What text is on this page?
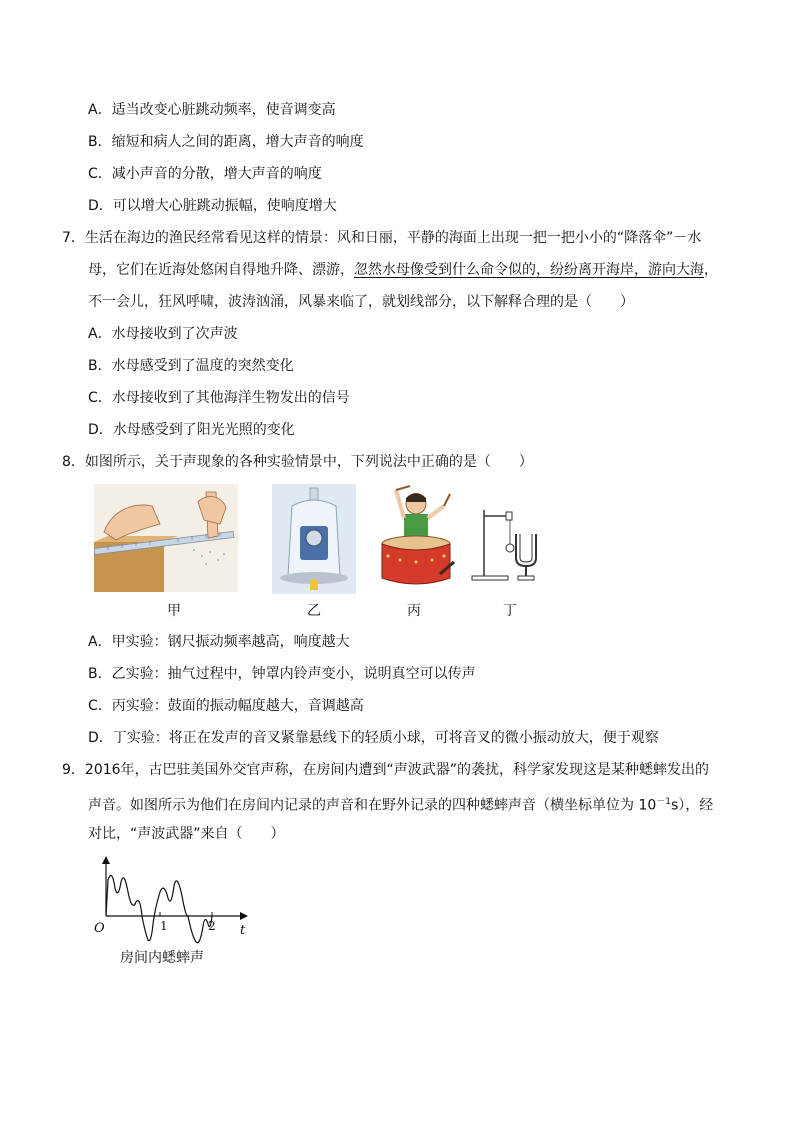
A．适当改变心脏跳动频率，使音调变高
B．缩短和病人之间的距离，增大声音的响度
C．减小声音的分散，增大声音的响度
D．可以增大心脏跳动振幅，使响度增大
7．生活在海边的渔民经常看见这样的情景：风和日丽，平静的海面上出现一把一把小小的“降落伞”－水
母，它们在近海处悠闲自得地升降、漂游，忽然水母像受到什么命令似的，纷纷离开海岸，游向大海，
不一会儿，狂风呼啸，波涛汹涌，风暴来临了，就划线部分，以下解释合理的是（　　）
A．水母接收到了次声波
B．水母感受到了温度的突然变化
C．水母接收到了其他海洋生物发出的信号
D．水母感受到了阳光光照的变化
8．如图所示，关于声现象的各种实验情景中，下列说法中正确的是（　　）
甲	乙	丙	丁
A．甲实验：钢尺振动频率越高，响度越大
B．乙实验：抽气过程中，钟罩内铃声变小，说明真空可以传声
C．丙实验：鼓面的振动幅度越大，音调越高
D．丁实验：将正在发声的音叉紧靠悬线下的轻质小球，可将音叉的微小振动放大，便于观察
9．2016年，古巴驻美国外交官声称，在房间内遭到“声波武器”的袭扰，科学家发现这是某种蟋蟀发出的
声音。如图所示为他们在房间内记录的声音和在野外记录的四种蟋蟀声音（横坐标单位为 $10^{-1}s$），经
对比，“声波武器”来自（　　）
O	t
1	2
房间内蟋蟀声
